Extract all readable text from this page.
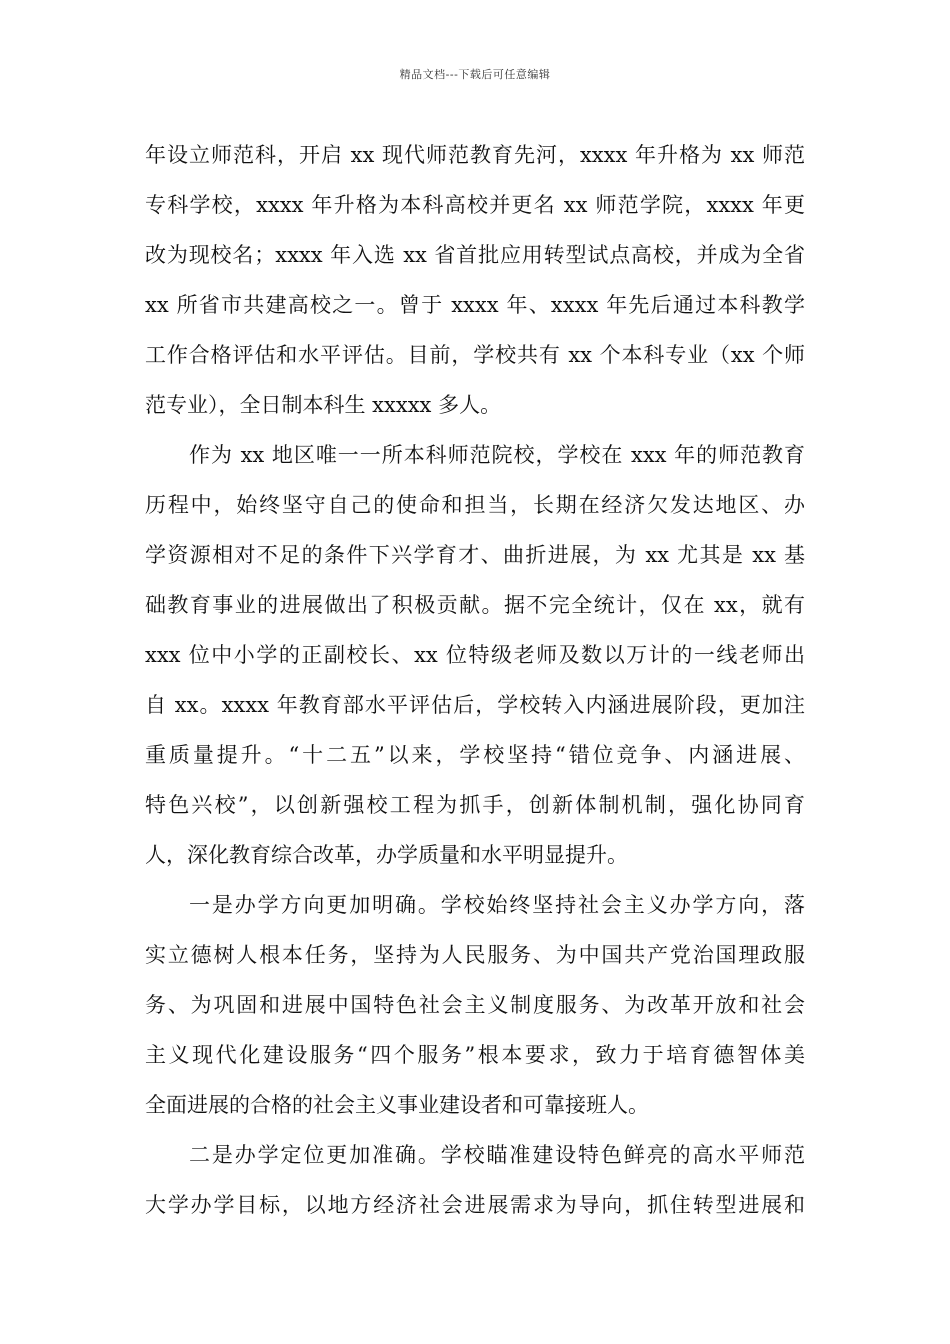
精品文档---下载后可任意编辑
年设立师范科，开启 xx 现代师范教育先河，xxxx 年升格为 xx 师范
专科学校，xxxx 年升格为本科高校并更名 xx 师范学院，xxxx 年更
改为现校名；xxxx 年入选 xx 省首批应用转型试点高校，并成为全省
xx 所省市共建高校之一。曾于 xxxx 年、xxxx 年先后通过本科教学
工作合格评估和水平评估。目前，学校共有 xx 个本科专业（xx 个师
范专业），全日制本科生 xxxxx 多人。
作为 xx 地区唯一一所本科师范院校，学校在 xxx 年的师范教育
历程中，始终坚守自己的使命和担当，长期在经济欠发达地区、办
学资源相对不足的条件下兴学育才、曲折进展，为 xx 尤其是 xx 基
础教育事业的进展做出了积极贡献。据不完全统计，仅在 xx，就有
xxx 位中小学的正副校长、xx 位特级老师及数以万计的一线老师出
自 xx。xxxx 年教育部水平评估后，学校转入内涵进展阶段，更加注
重质量提升。“十二五”以来，学校坚持“错位竞争、内涵进展、
特色兴校”，以创新强校工程为抓手，创新体制机制，强化协同育
人，深化教育综合改革，办学质量和水平明显提升。
一是办学方向更加明确。学校始终坚持社会主义办学方向，落
实立德树人根本任务，坚持为人民服务、为中国共产党治国理政服
务、为巩固和进展中国特色社会主义制度服务、为改革开放和社会
主义现代化建设服务“四个服务”根本要求，致力于培育德智体美
全面进展的合格的社会主义事业建设者和可靠接班人。
二是办学定位更加准确。学校瞄准建设特色鲜亮的高水平师范
大学办学目标，以地方经济社会进展需求为导向，抓住转型进展和
